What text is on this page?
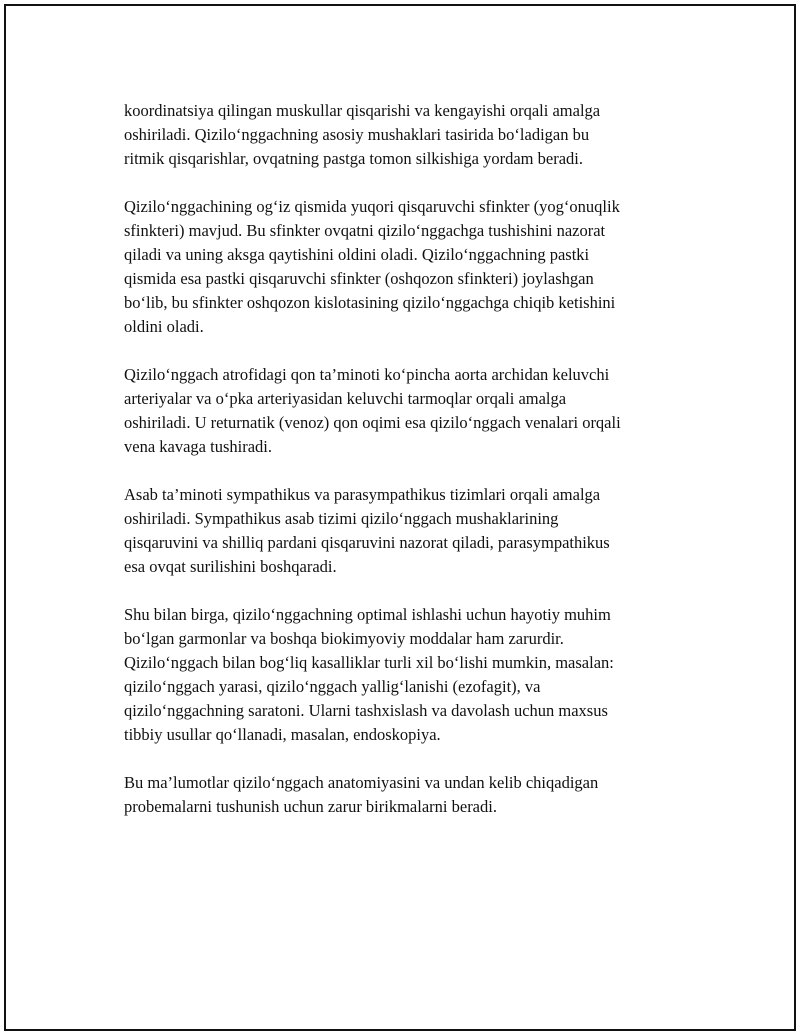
koordinatsiya qilingan muskullar qisqarishi va kengayishi orqali amalga
oshiriladi. Qizilo‘nggachning asosiy mushaklari tasirida bo‘ladigan bu
ritmik qisqarishlar, ovqatning pastga tomon silkishiga yordam beradi.

Qizilo‘nggachining og‘iz qismida yuqori qisqaruvchi sfinkter (yog‘onuqlik
sfinkteri) mavjud. Bu sfinkter ovqatni qizilo‘nggachga tushishini nazorat
qiladi va uning aksga qaytishini oldini oladi. Qizilo‘nggachning pastki
qismida esa pastki qisqaruvchi sfinkter (oshqozon sfinkteri) joylashgan
bo‘lib, bu sfinkter oshqozon kislotasining qizilo‘nggachga chiqib ketishini
oldini oladi.

Qizilo‘nggach atrofidagi qon ta’minoti ko‘pincha aorta archidan keluvchi
arteriyalar va o‘pka arteriyasidan keluvchi tarmoqlar orqali amalga
oshiriladi. U returnatik (venoz) qon oqimi esa qizilo‘nggach venalari orqali
vena kavaga tushiradi.

Asab ta’minoti sympathikus va parasympathikus tizimlari orqali amalga
oshiriladi. Sympathikus asab tizimi qizilo‘nggach mushaklarining
qisqaruvini va shilliq pardani qisqaruvini nazorat qiladi, parasympathikus
esa ovqat surilishini boshqaradi.

Shu bilan birga, qizilo‘nggachning optimal ishlashi uchun hayotiy muhim
bo‘lgan garmonlar va boshqa biokimyoviy moddalar ham zarurdir.
Qizilo‘nggach bilan bog‘liq kasalliklar turli xil bo‘lishi mumkin, masalan:
qizilo‘nggach yarasi, qizilo‘nggach yallig‘lanishi (ezofagit), va
qizilo‘nggachning saratoni. Ularni tashxislash va davolash uchun maxsus
tibbiy usullar qo‘llanadi, masalan, endoskopiya.

Bu ma’lumotlar qizilo‘nggach anatomiyasini va undan kelib chiqadigan
probemalarni tushunish uchun zarur birikmalarni beradi.
